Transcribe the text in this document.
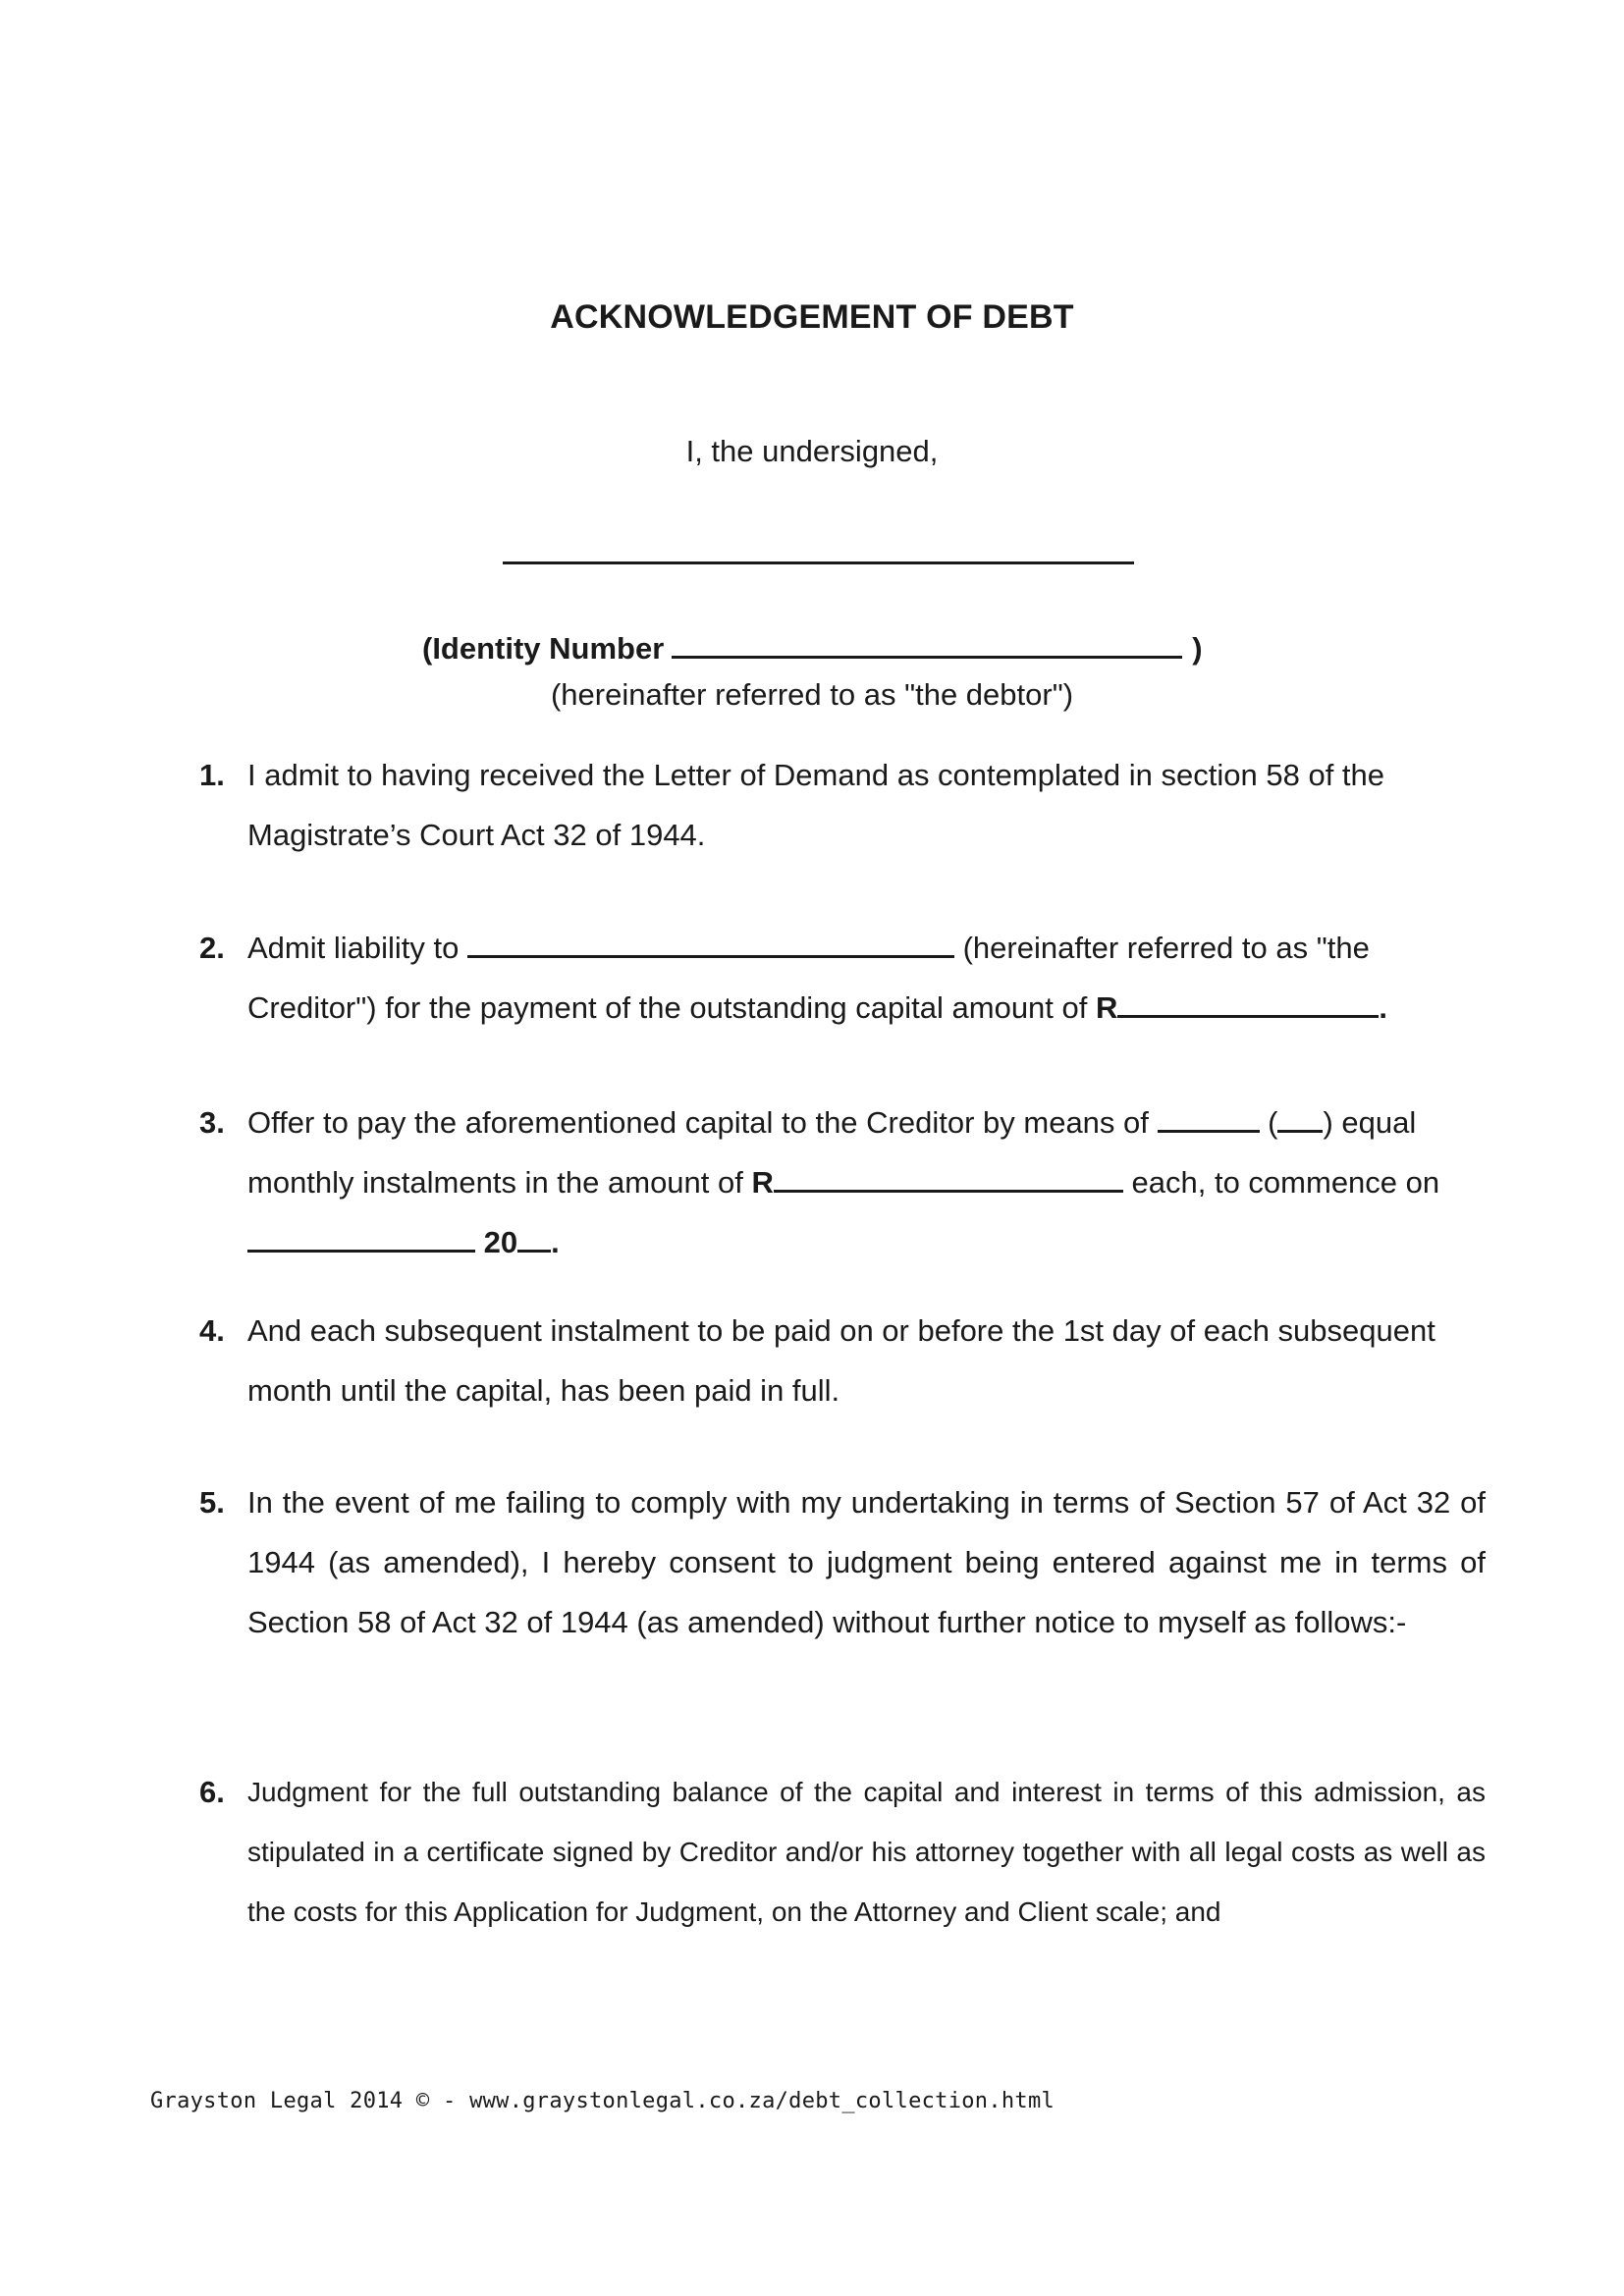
ACKNOWLEDGEMENT OF DEBT
I, the undersigned,
(Identity Number	)
(hereinafter referred to as "the debtor")
1. I admit to having received the Letter of Demand as contemplated in section 58 of the Magistrate’s Court Act 32 of 1944.
2. Admit liability to	(hereinafter referred to as "the Creditor") for the payment of the outstanding capital amount of R	.
3. Offer to pay the aforementioned capital to the Creditor by means of	( ) equal monthly instalments in the amount of R	each, to commence on
20 .
4. And each subsequent instalment to be paid on or before the 1st day of each subsequent month until the capital, has been paid in full.
5. In the event of me failing to comply with my undertaking in terms of Section 57 of Act 32 of 1944 (as amended), I hereby consent to judgment being entered against me in terms of Section 58 of Act 32 of 1944 (as amended) without further notice to myself as follows:-
6. Judgment for the full outstanding balance of the capital and interest in terms of this admission, as stipulated in a certificate signed by Creditor and/or his attorney together with all legal costs as well as the costs for this Application for Judgment, on the Attorney and Client scale; and
Grayston Legal 2014 © - www.graystonlegal.co.za/debt_collection.html
